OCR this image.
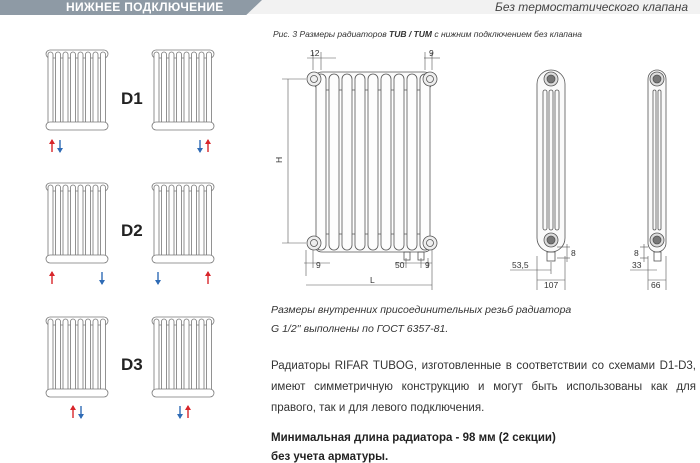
НИЖНЕЕ ПОДКЛЮЧЕНИЕ	Без термостатического клапана
D1
D2
D3
Рис. 3 Размеры радиаторов TUB / TUM с нижним подключением без клапана
12	9
H
9	50 9
L
8
53,5
107
8
33
66
Размеры внутренних присоединительных резьб радиатора
G 1/2'' выполнены по ГОСТ 6357-81.
Радиаторы RIFAR TUBOG, изготовленные в соответствии со схемами D1-D3, имеют симметричную конструкцию и могут быть использованы как для правого, так и для левого подключения.
Минимальная длина радиатора - 98 мм (2 секции)
без учета арматуры.
